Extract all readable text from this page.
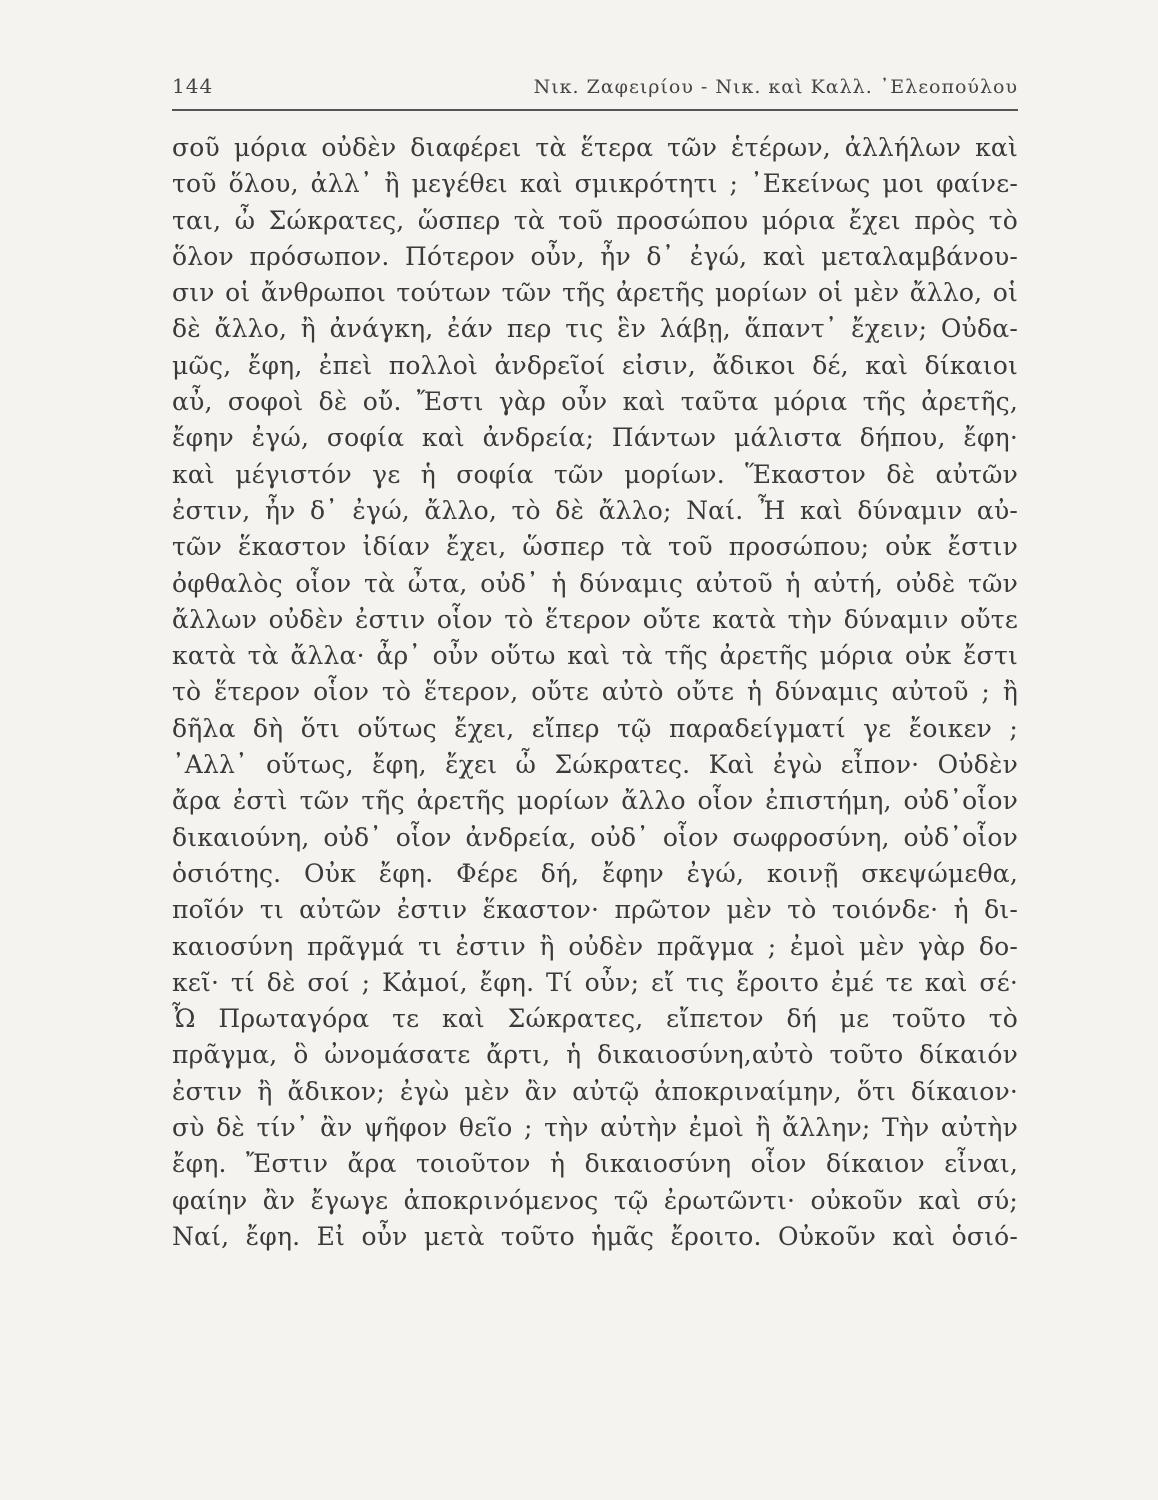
144	Νικ. Ζαφειρίου - Νικ. καὶ Καλλ. ᾿Ελεοπούλου
σοῦ μόρια οὐδὲν διαφέρει τὰ ἕτερα τῶν ἑτέρων, ἀλλήλων καὶ
τοῦ ὅλου, ἀλλ᾿ ἢ μεγέθει καὶ σμικρότητι ; ᾿Εκείνως μοι φαίνε-
ται, ὦ Σώκρατες, ὥσπερ τὰ τοῦ προσώπου μόρια ἔχει πρὸς τὸ
ὅλον πρόσωπον. Πότερον οὖν, ἦν δ᾿ ἐγώ, καὶ μεταλαμβάνου-
σιν οἱ ἄνθρωποι τούτων τῶν τῆς ἀρετῆς μορίων οἱ μὲν ἄλλο, οἱ
δὲ ἄλλο, ἢ ἀνάγκη, ἐάν περ τις ἓν λάβῃ, ἅπαντ᾿ ἔχειν; Οὐδα-
μῶς, ἔφη, ἐπεὶ πολλοὶ ἀνδρεῖοί εἰσιν, ἄδικοι δέ, καὶ δίκαιοι
αὖ, σοφοὶ δὲ οὔ. Ἔστι γὰρ οὖν καὶ ταῦτα μόρια τῆς ἀρετῆς,
ἔφην ἐγώ, σοφία καὶ ἀνδρεία; Πάντων μάλιστα δήπου, ἔφη·
καὶ μέγιστόν γε ἡ σοφία τῶν μορίων. Ἕκαστον δὲ αὐτῶν
ἐστιν, ἦν δ᾿ ἐγώ, ἄλλο, τὸ δὲ ἄλλο; Ναί. Ἦ καὶ δύναμιν αὐ-
τῶν ἕκαστον ἰδίαν ἔχει, ὥσπερ τὰ τοῦ προσώπου; οὐκ ἔστιν
ὀφθαλὸς οἷον τὰ ὦτα, οὐδ᾿ ἡ δύναμις αὐτοῦ ἡ αὐτή, οὐδὲ τῶν
ἄλλων οὐδὲν ἐστιν οἷον τὸ ἕτερον οὔτε κατὰ τὴν δύναμιν οὔτε
κατὰ τὰ ἄλλα· ἆρ᾿ οὖν οὕτω καὶ τὰ τῆς ἀρετῆς μόρια οὐκ ἔστι
τὸ ἕτερον οἷον τὸ ἕτερον, οὔτε αὐτὸ οὔτε ἡ δύναμις αὐτοῦ ; ἢ
δῆλα δὴ ὅτι οὕτως ἔχει, εἴπερ τῷ παραδείγματί γε ἔοικεν ;
᾿Αλλ᾿ οὕτως, ἔφη, ἔχει ὦ Σώκρατες. Καὶ ἐγὼ εἶπον· Οὐδὲν
ἄρα ἐστὶ τῶν τῆς ἀρετῆς μορίων ἄλλο οἷον ἐπιστήμη, οὐδ᾿οἷον
δικαιούνη, οὐδ᾿ οἷον ἀνδρεία, οὐδ᾿ οἷον σωφροσύνη, οὐδ᾿οἷον
ὁσιότης. Οὐκ ἔφη. Φέρε δή, ἔφην ἐγώ, κοινῇ σκεψώμεθα,
ποῖόν τι αὐτῶν ἐστιν ἕκαστον· πρῶτον μὲν τὸ τοιόνδε· ἡ δι-
καιοσύνη πρᾶγμά τι ἐστιν ἢ οὐδὲν πρᾶγμα ; ἐμοὶ μὲν γὰρ δο-
κεῖ· τί δὲ σοί ; Κἀμοί, ἔφη. Τί οὖν; εἴ τις ἔροιτο ἐμέ τε καὶ σέ·
Ὦ Πρωταγόρα τε καὶ Σώκρατες, εἴπετον δή με τοῦτο τὸ
πρᾶγμα, ὃ ὠνομάσατε ἄρτι, ἡ δικαιοσύνη,αὐτὸ τοῦτο δίκαιόν
ἐστιν ἢ ἄδικον; ἐγὼ μὲν ἂν αὐτῷ ἀποκριναίμην, ὅτι δίκαιον·
σὺ δὲ τίν᾿ ἂν ψῆφον θεῖο ; τὴν αὐτὴν ἐμοὶ ἢ ἄλλην; Τὴν αὐτὴν
ἔφη. Ἔστιν ἄρα τοιοῦτον ἡ δικαιοσύνη οἷον δίκαιον εἶναι,
φαίην ἂν ἔγωγε ἀποκρινόμενος τῷ ἐρωτῶντι· οὐκοῦν καὶ σύ;
Ναί, ἔφη. Εἰ οὖν μετὰ τοῦτο ἡμᾶς ἔροιτο. Οὐκοῦν καὶ ὁσιό-
